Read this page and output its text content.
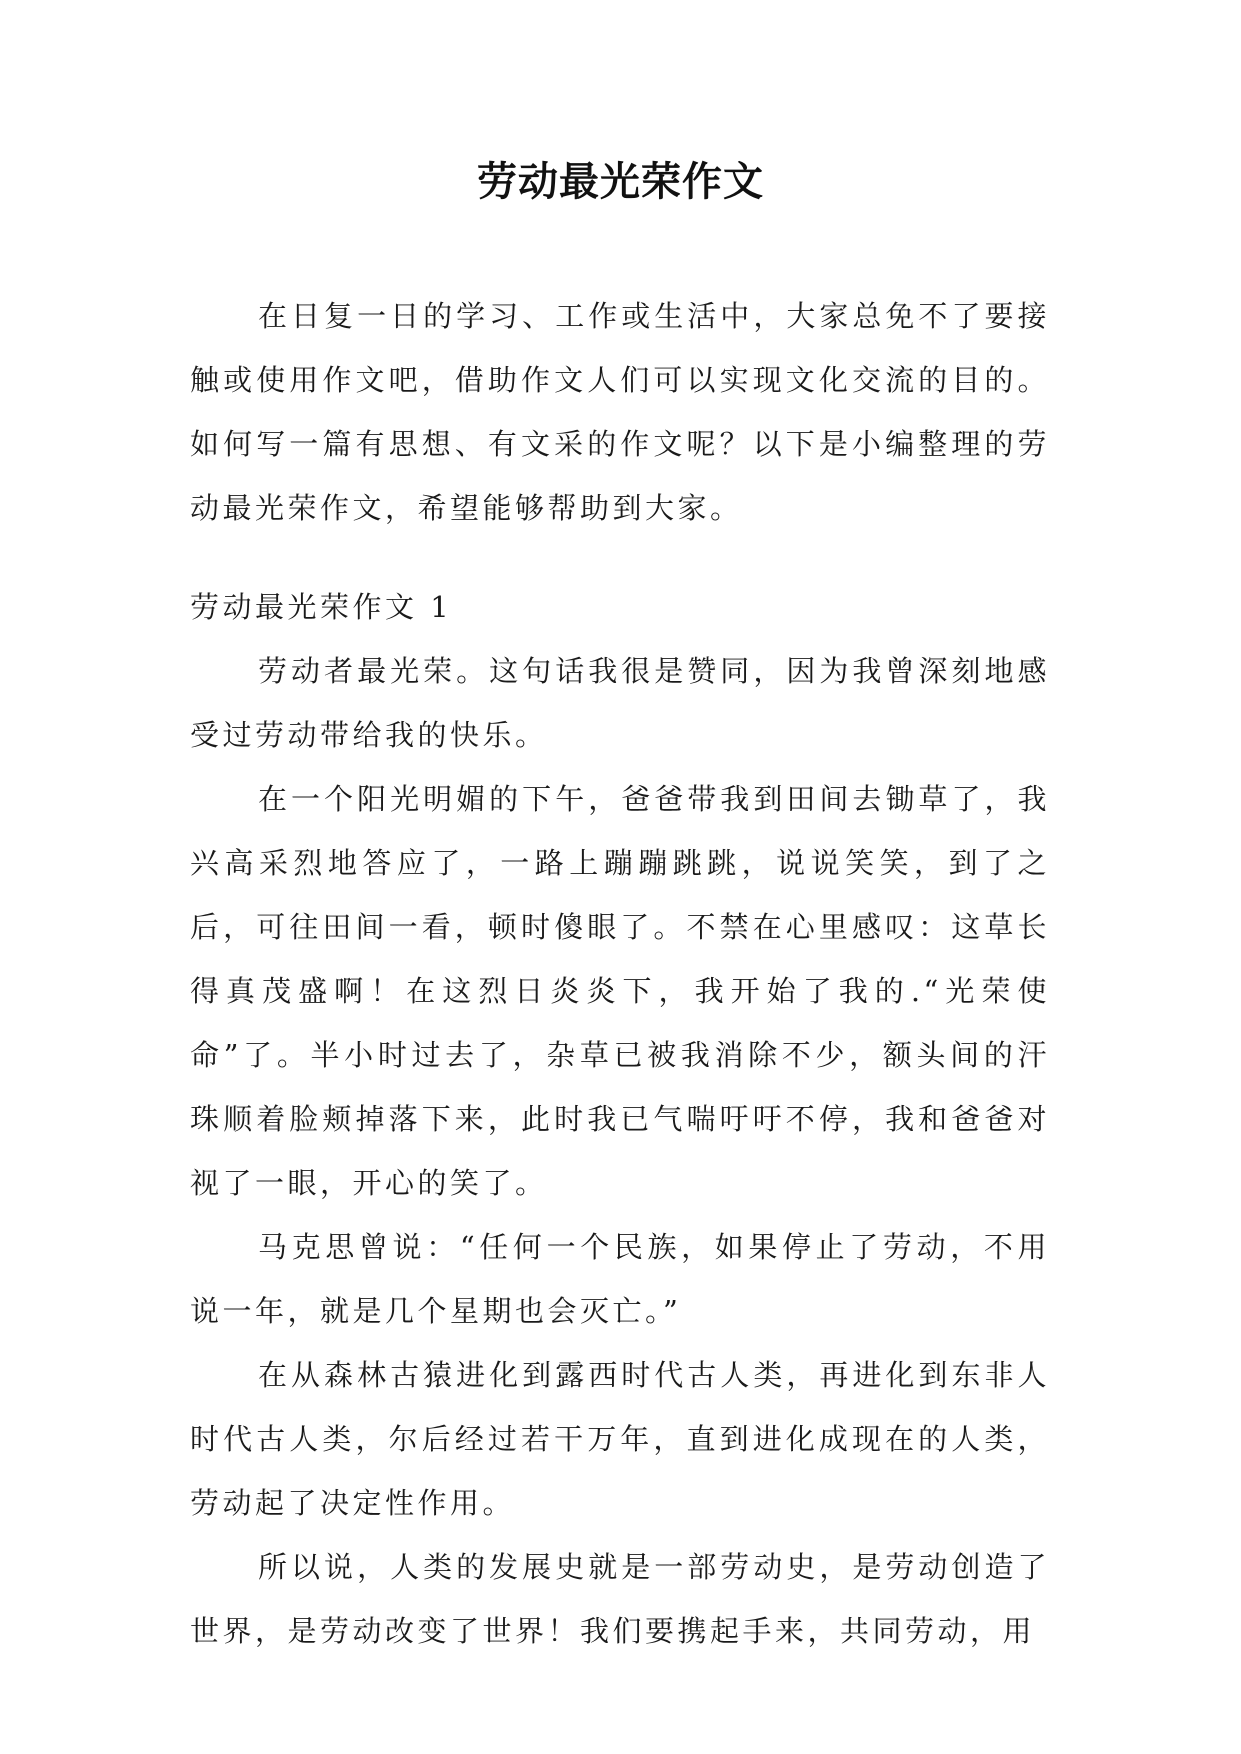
劳动最光荣作文

在日复一日的学习、工作或生活中，大家总免不了要接触或使用作文吧，借助作文人们可以实现文化交流的目的。如何写一篇有思想、有文采的作文呢？以下是小编整理的劳动最光荣作文，希望能够帮助到大家。

劳动最光荣作文 1

劳动者最光荣。这句话我很是赞同，因为我曾深刻地感受过劳动带给我的快乐。

在一个阳光明媚的下午，爸爸带我到田间去锄草了，我兴高采烈地答应了，一路上蹦蹦跳跳，说说笑笑，到了之后，可往田间一看，顿时傻眼了。不禁在心里感叹：这草长得真茂盛啊！在这烈日炎炎下，我开始了我的.“光荣使命”了。半小时过去了，杂草已被我消除不少，额头间的汗珠顺着脸颊掉落下来，此时我已气喘吁吁不停，我和爸爸对视了一眼，开心的笑了。

马克思曾说：“任何一个民族，如果停止了劳动，不用说一年，就是几个星期也会灭亡。”

在从森林古猿进化到露西时代古人类，再进化到东非人时代古人类，尔后经过若干万年，直到进化成现在的人类，劳动起了决定性作用。

所以说，人类的发展史就是一部劳动史，是劳动创造了世界，是劳动改变了世界！我们要携起手来，共同劳动，用
